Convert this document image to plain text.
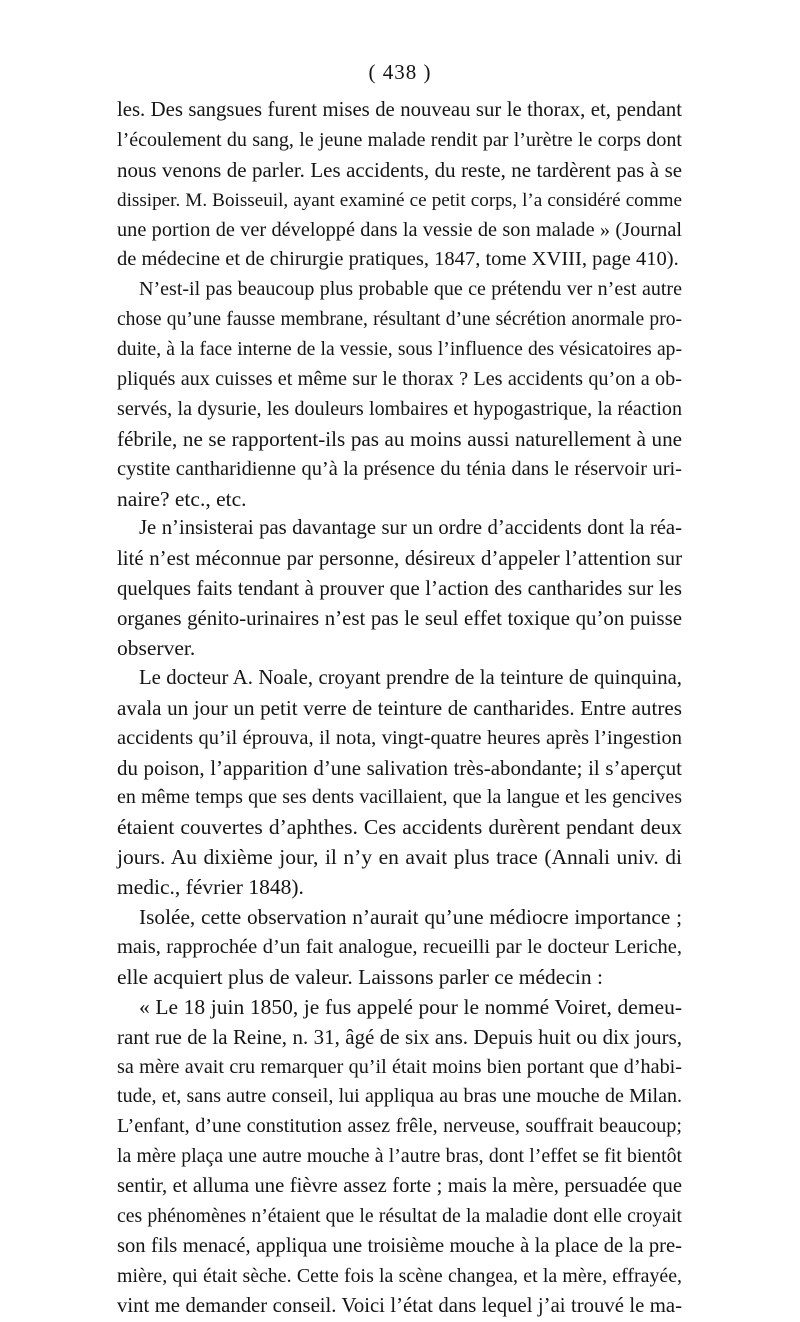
( 438 )
les. Des sangsues furent mises de nouveau sur le thorax, et, pendant
l’écoulement du sang, le jeune malade rendit par l’urètre le corps dont
nous venons de parler. Les accidents, du reste, ne tardèrent pas à se
dissiper. M. Boisseuil, ayant examiné ce petit corps, l’a considéré comme
une portion de ver développé dans la vessie de son malade » (Journal
de médecine et de chirurgie pratiques, 1847, tome XVIII, page 410).
N’est-il pas beaucoup plus probable que ce prétendu ver n’est autre
chose qu’une fausse membrane, résultant d’une sécrétion anormale pro-
duite, à la face interne de la vessie, sous l’influence des vésicatoires ap-
pliqués aux cuisses et même sur le thorax ? Les accidents qu’on a ob-
servés, la dysurie, les douleurs lombaires et hypogastrique, la réaction
fébrile, ne se rapportent-ils pas au moins aussi naturellement à une
cystite cantharidienne qu’à la présence du ténia dans le réservoir uri-
naire? etc., etc.
Je n’insisterai pas davantage sur un ordre d’accidents dont la réa-
lité n’est méconnue par personne, désireux d’appeler l’attention sur
quelques faits tendant à prouver que l’action des cantharides sur les
organes génito-urinaires n’est pas le seul effet toxique qu’on puisse
observer.
Le docteur A. Noale, croyant prendre de la teinture de quinquina,
avala un jour un petit verre de teinture de cantharides. Entre autres
accidents qu’il éprouva, il nota, vingt-quatre heures après l’ingestion
du poison, l’apparition d’une salivation très-abondante; il s’aperçut
en même temps que ses dents vacillaient, que la langue et les gencives
étaient couvertes d’aphthes. Ces accidents durèrent pendant deux
jours. Au dixième jour, il n’y en avait plus trace (Annali univ. di
medic., février 1848).
Isolée, cette observation n’aurait qu’une médiocre importance ;
mais, rapprochée d’un fait analogue, recueilli par le docteur Leriche,
elle acquiert plus de valeur. Laissons parler ce médecin :
« Le 18 juin 1850, je fus appelé pour le nommé Voiret, demeu-
rant rue de la Reine, n. 31, âgé de six ans. Depuis huit ou dix jours,
sa mère avait cru remarquer qu’il était moins bien portant que d’habi-
tude, et, sans autre conseil, lui appliqua au bras une mouche de Milan.
L’enfant, d’une constitution assez frêle, nerveuse, souffrait beaucoup;
la mère plaça une autre mouche à l’autre bras, dont l’effet se fit bientôt
sentir, et alluma une fièvre assez forte ; mais la mère, persuadée que
ces phénomènes n’étaient que le résultat de la maladie dont elle croyait
son fils menacé, appliqua une troisième mouche à la place de la pre-
mière, qui était sèche. Cette fois la scène changea, et la mère, effrayée,
vint me demander conseil. Voici l’état dans lequel j’ai trouvé le ma-
